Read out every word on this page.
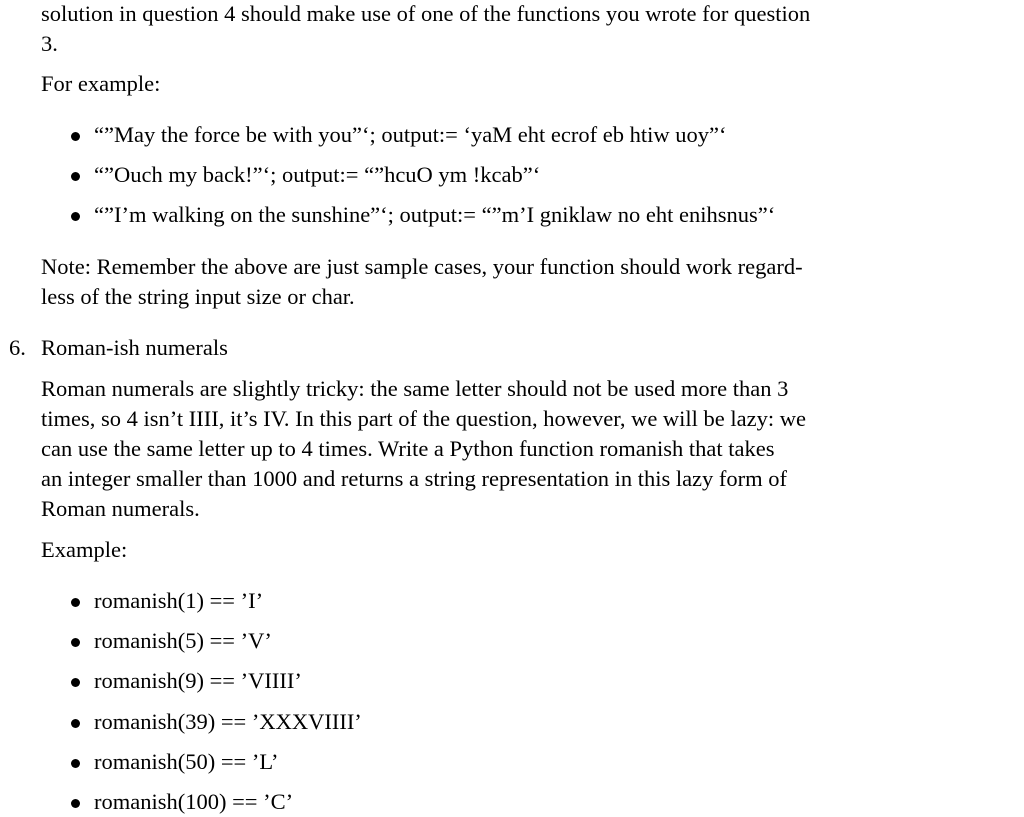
solution in question 4 should make use of one of the functions you wrote for question

3.

For example:

“”May the force be with you”‘; output:= ‘yaM eht ecrof eb htiw uoy”‘

“”Ouch my back!”‘; output:= “”hcuO ym !kcab”‘

“”I’m walking on the sunshine”‘; output:= “”m’I gniklaw no eht enihsnus”‘

Note: Remember the above are just sample cases, your function should work regard-

less of the string input size or char.

6. Roman-ish numerals

Roman numerals are slightly tricky: the same letter should not be used more than 3

times, so 4 isn’t IIII, it’s IV. In this part of the question, however, we will be lazy: we

can use the same letter up to 4 times. Write a Python function romanish that takes

an integer smaller than 1000 and returns a string representation in this lazy form of

Roman numerals.

Example:

romanish(1) == ’I’

romanish(5) == ’V’

romanish(9) == ’VIIII’

romanish(39) == ’XXXVIIII’

romanish(50) == ’L’

romanish(100) == ’C’
